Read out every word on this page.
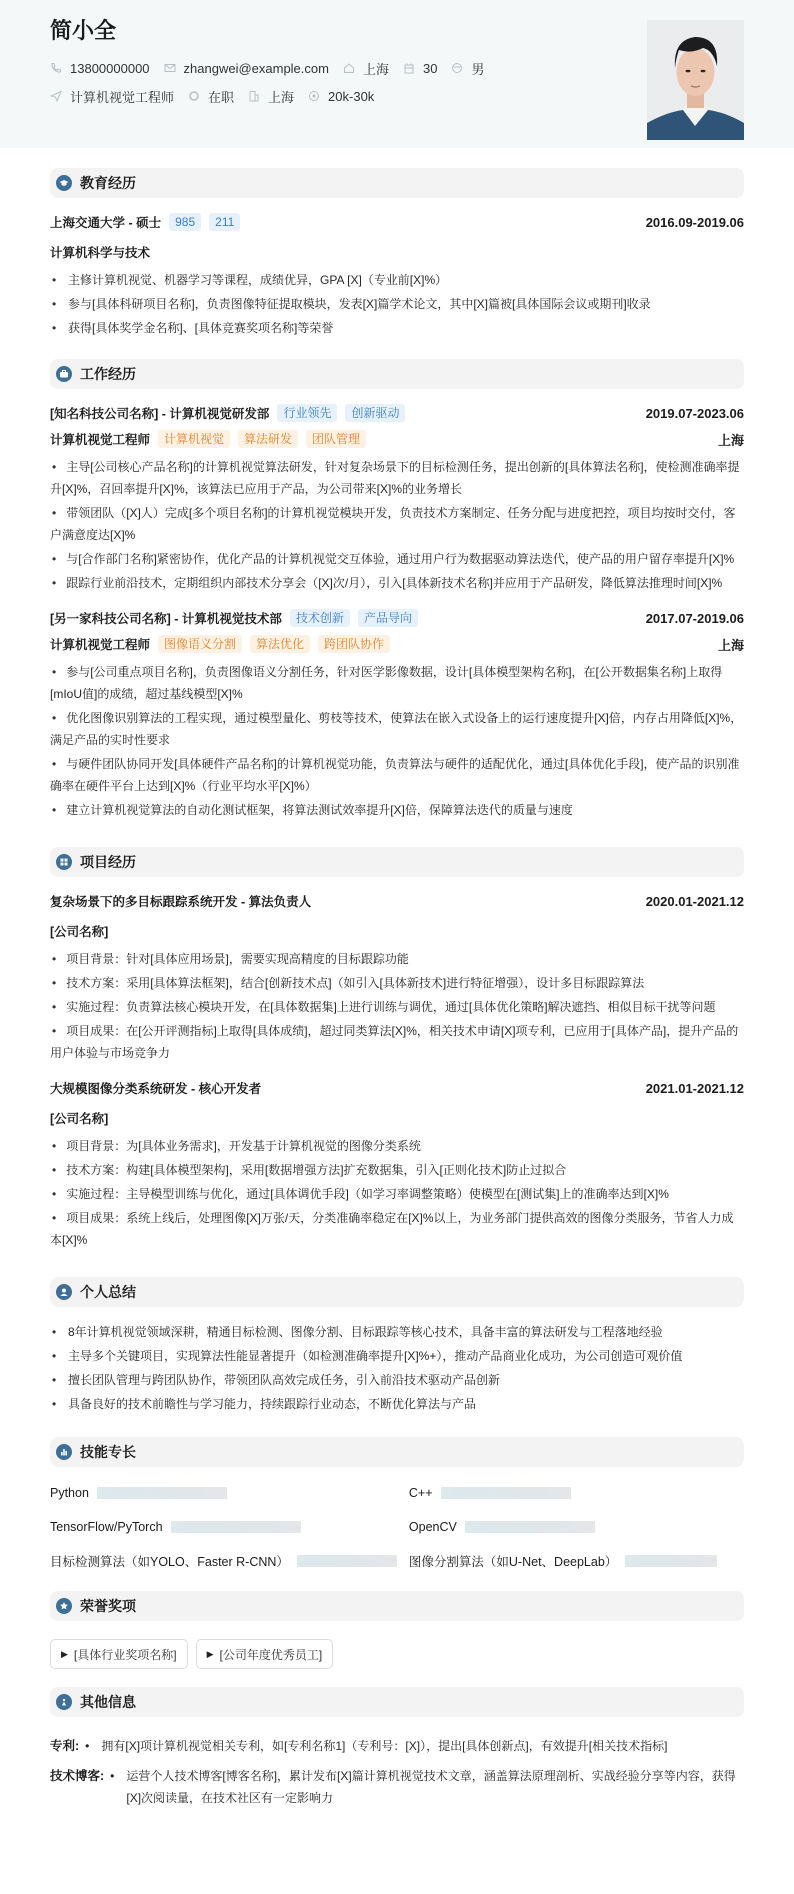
简小全
13800000000	zhangwei@example.com	上海	30	男
计算机视觉工程师	在职	上海	20k-30k
教育经历
上海交通大学 - 硕士	985	211	2016.09-2019.06
计算机科学与技术
• 主修计算机视觉、机器学习等课程，成绩优异，GPA [X]（专业前[X]%）
• 参与[具体科研项目名称]，负责图像特征提取模块，发表[X]篇学术论文，其中[X]篇被[具体国际会议或期刊]收录
• 获得[具体奖学金名称]、[具体竞赛奖项名称]等荣誉
工作经历
[知名科技公司名称] - 计算机视觉研发部	行业领先	创新驱动	2019.07-2023.06
计算机视觉工程师	计算机视觉	算法研发	团队管理	上海
• 主导[公司核心产品名称]的计算机视觉算法研发，针对复杂场景下的目标检测任务，提出创新的[具体算法名称]，使检测准确率提升[X]%，召回率提升[X]%，该算法已应用于产品，为公司带来[X]%的业务增长
• 带领团队（[X]人）完成[多个项目名称]的计算机视觉模块开发，负责技术方案制定、任务分配与进度把控，项目均按时交付，客户满意度达[X]%
• 与[合作部门名称]紧密协作，优化产品的计算机视觉交互体验，通过用户行为数据驱动算法迭代，使产品的用户留存率提升[X]%
• 跟踪行业前沿技术，定期组织内部技术分享会（[X]次/月），引入[具体新技术名称]并应用于产品研发，降低算法推理时间[X]%
[另一家科技公司名称] - 计算机视觉技术部	技术创新	产品导向	2017.07-2019.06
计算机视觉工程师	图像语义分割	算法优化	跨团队协作	上海
• 参与[公司重点项目名称]，负责图像语义分割任务，针对医学影像数据，设计[具体模型架构名称]，在[公开数据集名称]上取得[mIoU值]的成绩，超过基线模型[X]%
• 优化图像识别算法的工程实现，通过模型量化、剪枝等技术，使算法在嵌入式设备上的运行速度提升[X]倍，内存占用降低[X]%，满足产品的实时性要求
• 与硬件团队协同开发[具体硬件产品名称]的计算机视觉功能，负责算法与硬件的适配优化，通过[具体优化手段]，使产品的识别准确率在硬件平台上达到[X]%（行业平均水平[X]%）
• 建立计算机视觉算法的自动化测试框架，将算法测试效率提升[X]倍，保障算法迭代的质量与速度
项目经历
复杂场景下的多目标跟踪系统开发 - 算法负责人	2020.01-2021.12
[公司名称]
• 项目背景：针对[具体应用场景]，需要实现高精度的目标跟踪功能
• 技术方案：采用[具体算法框架]，结合[创新技术点]（如引入[具体新技术]进行特征增强），设计多目标跟踪算法
• 实施过程：负责算法核心模块开发，在[具体数据集]上进行训练与调优，通过[具体优化策略]解决遮挡、相似目标干扰等问题
• 项目成果：在[公开评测指标]上取得[具体成绩]，超过同类算法[X]%，相关技术申请[X]项专利，已应用于[具体产品]，提升产品的用户体验与市场竞争力
大规模图像分类系统研发 - 核心开发者	2021.01-2021.12
[公司名称]
• 项目背景：为[具体业务需求]，开发基于计算机视觉的图像分类系统
• 技术方案：构建[具体模型架构]，采用[数据增强方法]扩充数据集，引入[正则化技术]防止过拟合
• 实施过程：主导模型训练与优化，通过[具体调优手段]（如学习率调整策略）使模型在[测试集]上的准确率达到[X]%
• 项目成果：系统上线后，处理图像[X]万张/天，分类准确率稳定在[X]%以上，为业务部门提供高效的图像分类服务，节省人力成本[X]%
个人总结
• 8年计算机视觉领域深耕，精通目标检测、图像分割、目标跟踪等核心技术，具备丰富的算法研发与工程落地经验
• 主导多个关键项目，实现算法性能显著提升（如检测准确率提升[X]%+），推动产品商业化成功，为公司创造可观价值
• 擅长团队管理与跨团队协作，带领团队高效完成任务，引入前沿技术驱动产品创新
• 具备良好的技术前瞻性与学习能力，持续跟踪行业动态，不断优化算法与产品
技能专长
Python	C++
TensorFlow/PyTorch	OpenCV
目标检测算法（如YOLO、Faster R-CNN）	图像分割算法（如U-Net、DeepLab）
荣誉奖项
▶ [具体行业奖项名称]	▶ [公司年度优秀员工]
其他信息
专利: • 拥有[X]项计算机视觉相关专利，如[专利名称1]（专利号：[X]），提出[具体创新点]，有效提升[相关技术指标]
技术博客: • 运营个人技术博客[博客名称]，累计发布[X]篇计算机视觉技术文章，涵盖算法原理剖析、实战经验分享等内容，获得[X]次阅读量，在技术社区有一定影响力
